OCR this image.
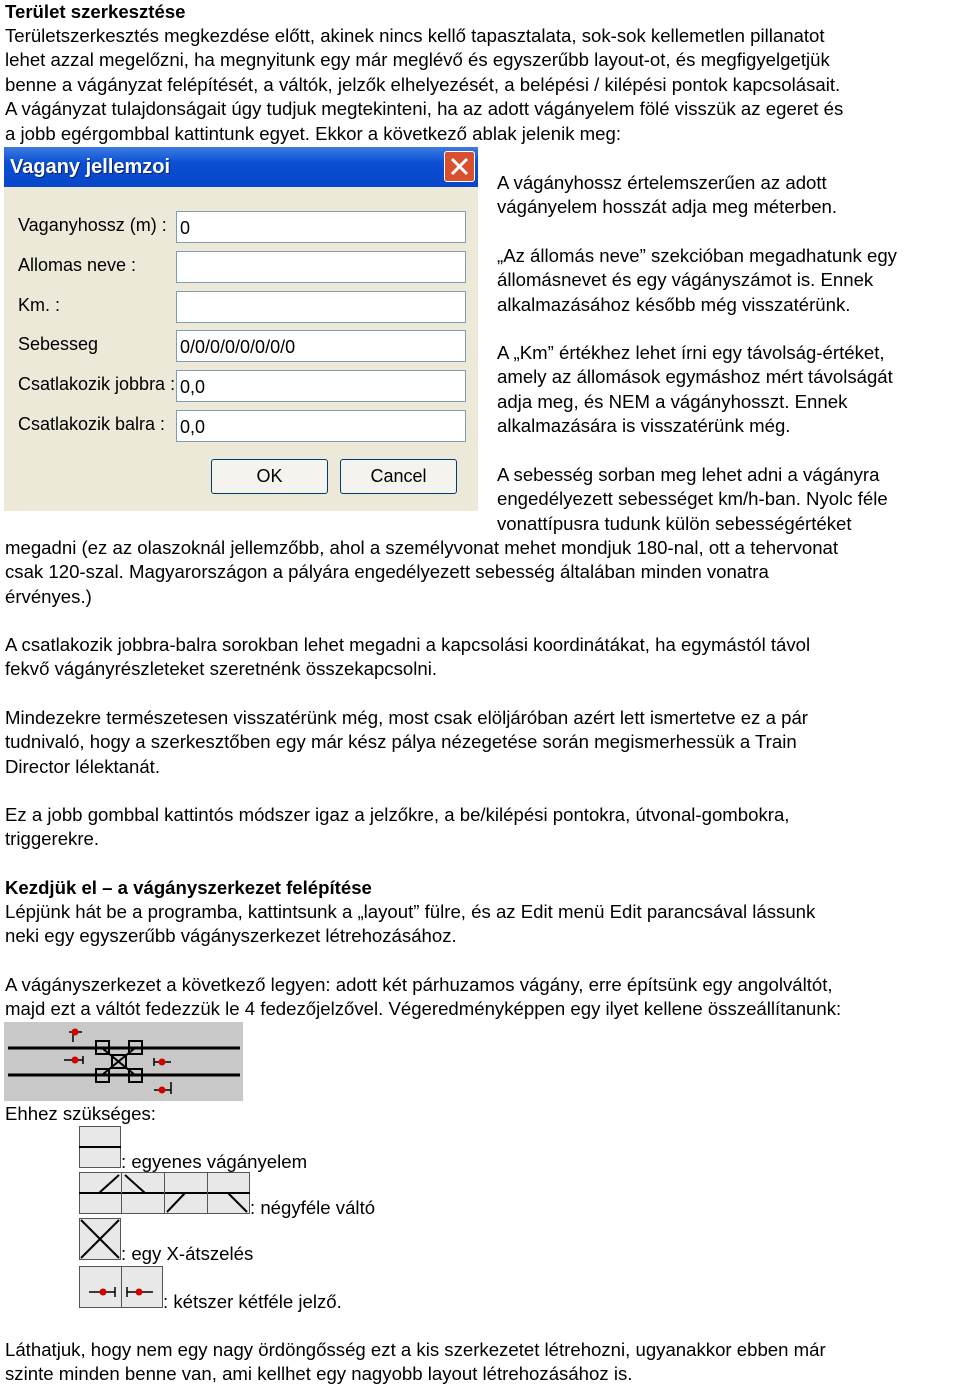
Terület szerkesztése
Területszerkesztés megkezdése előtt, akinek nincs kellő tapasztalata, sok-sok kellemetlen pillanatot
lehet azzal megelőzni, ha megnyitunk egy már meglévő és egyszerűbb layout-ot, és megfigyelgetjük
benne a vágányzat felépítését, a váltók, jelzők elhelyezését, a belépési / kilépési pontok kapcsolásait.
A vágányzat tulajdonságait úgy tudjuk megtekinteni, ha az adott vágányelem fölé visszük az egeret és
a jobb egérgombbal kattintunk egyet. Ekkor a következő ablak jelenik meg:
Vagany jellemzoi
Vaganyhossz (m) : 0
Allomas neve :
Km. :
Sebesseg	0/0/0/0/0/0/0/0
Csatlakozik jobbra : 0,0
Csatlakozik balra : 0,0
OK	Cancel
A vágányhossz értelemszerűen az adott
vágányelem hosszát adja meg méterben.
„Az állomás neve” szekcióban megadhatunk egy
állomásnevet és egy vágányszámot is. Ennek
alkalmazásához később még visszatérünk.
A „Km” értékhez lehet írni egy távolság-értéket,
amely az állomások egymáshoz mért távolságát
adja meg, és NEM a vágányhosszt. Ennek
alkalmazására is visszatérünk még.
A sebesség sorban meg lehet adni a vágányra
engedélyezett sebességet km/h-ban. Nyolc féle
vonattípusra tudunk külön sebességértéket
megadni (ez az olaszoknál jellemzőbb, ahol a személyvonat mehet mondjuk 180-nal, ott a tehervonat
csak 120-szal. Magyarországon a pályára engedélyezett sebesség általában minden vonatra
érvényes.)
A csatlakozik jobbra-balra sorokban lehet megadni a kapcsolási koordinátákat, ha egymástól távol
fekvő vágányrészleteket szeretnénk összekapcsolni.
Mindezekre természetesen visszatérünk még, most csak elöljáróban azért lett ismertetve ez a pár
tudnivaló, hogy a szerkesztőben egy már kész pálya nézegetése során megismerhessük a Train
Director lélektanát.
Ez a jobb gombbal kattintós módszer igaz a jelzőkre, a be/kilépési pontokra, útvonal-gombokra,
triggerekre.
Kezdjük el – a vágányszerkezet felépítése
Lépjünk hát be a programba, kattintsunk a „layout” fülre, és az Edit menü Edit parancsával lássunk
neki egy egyszerűbb vágányszerkezet létrehozásához.
A vágányszerkezet a következő legyen: adott két párhuzamos vágány, erre építsünk egy angolváltót,
majd ezt a váltót fedezzük le 4 fedezőjelzővel. Végeredményképpen egy ilyet kellene összeállítanunk:
Ehhez szükséges:
: egyenes vágányelem
: négyféle váltó
: egy X-átszelés
: kétszer kétféle jelző.
Láthatjuk, hogy nem egy nagy ördöngősség ezt a kis szerkezetet létrehozni, ugyanakkor ebben már
szinte minden benne van, ami kellhet egy nagyobb layout létrehozásához is.
